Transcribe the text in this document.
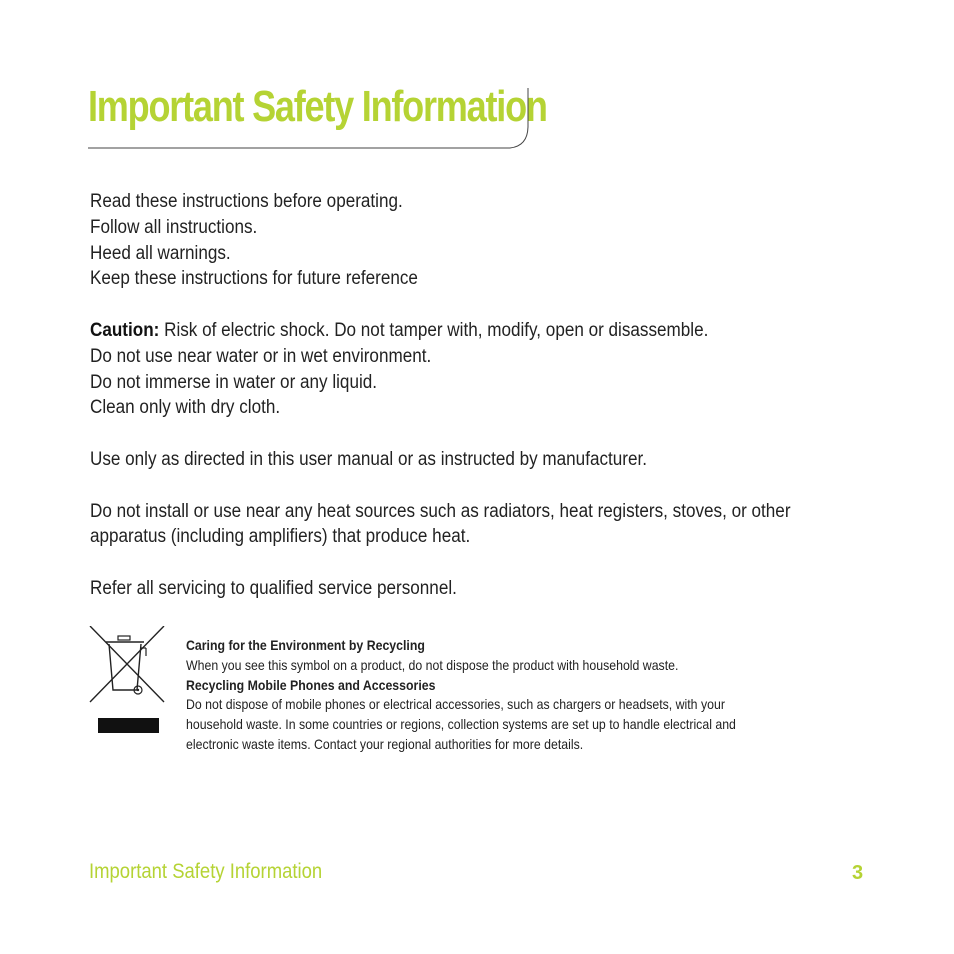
Important Safety Information

Read these instructions before operating.

Follow all instructions.

Heed all warnings.

Keep these instructions for future reference

Caution: Risk of electric shock. Do not tamper with, modify, open or disassemble.

Do not use near water or in wet environment.

Do not immerse in water or any liquid.

Clean only with dry cloth.

Use only as directed in this user manual or as instructed by manufacturer.

Do not install or use near any heat sources such as radiators, heat registers, stoves, or other

apparatus (including amplifiers) that produce heat.

Refer all servicing to qualified service personnel.

Caring for the Environment by Recycling

When you see this symbol on a product, do not dispose the product with household waste.

Recycling Mobile Phones and Accessories

Do not dispose of mobile phones or electrical accessories, such as chargers or headsets, with your

household waste. In some countries or regions, collection systems are set up to handle electrical and

electronic waste items. Contact your regional authorities for more details.

Important Safety Information	3
